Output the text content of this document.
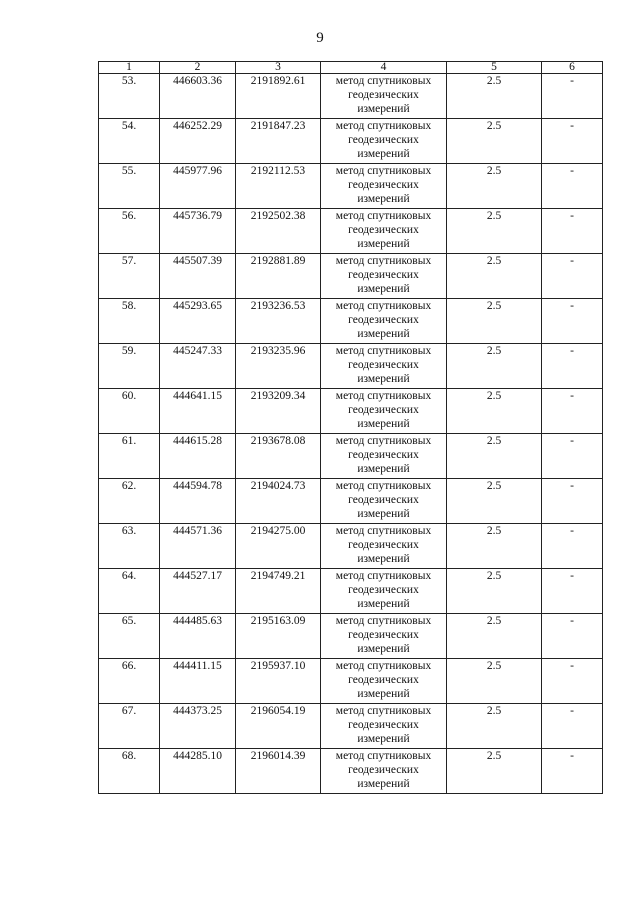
9
1	2	3	4	5	6
53.	446603.36	2191892.61	метод спутниковых геодезических измерений	2.5	-
54.	446252.29	2191847.23	метод спутниковых геодезических измерений	2.5	-
55.	445977.96	2192112.53	метод спутниковых геодезических измерений	2.5	-
56.	445736.79	2192502.38	метод спутниковых геодезических измерений	2.5	-
57.	445507.39	2192881.89	метод спутниковых геодезических измерений	2.5	-
58.	445293.65	2193236.53	метод спутниковых геодезических измерений	2.5	-
59.	445247.33	2193235.96	метод спутниковых геодезических измерений	2.5	-
60.	444641.15	2193209.34	метод спутниковых геодезических измерений	2.5	-
61.	444615.28	2193678.08	метод спутниковых геодезических измерений	2.5	-
62.	444594.78	2194024.73	метод спутниковых геодезических измерений	2.5	-
63.	444571.36	2194275.00	метод спутниковых геодезических измерений	2.5	-
64.	444527.17	2194749.21	метод спутниковых геодезических измерений	2.5	-
65.	444485.63	2195163.09	метод спутниковых геодезических измерений	2.5	-
66.	444411.15	2195937.10	метод спутниковых геодезических измерений	2.5	-
67.	444373.25	2196054.19	метод спутниковых геодезических измерений	2.5	-
68.	444285.10	2196014.39	метод спутниковых геодезических измерений	2.5	-
